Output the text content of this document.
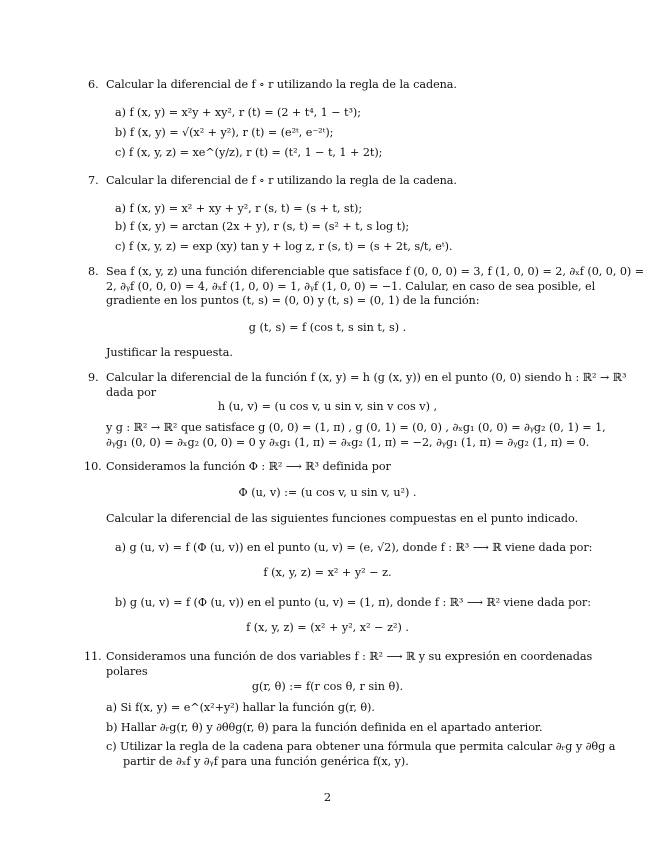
6. Calcular la diferencial de f ∘ r utilizando la regla de la cadena.
a) f (x, y) = x²y + xy², r (t) = (2 + t⁴, 1 − t³);
b) f (x, y) = √(x² + y²), r (t) = (e²ᵗ, e⁻²ᵗ);
c) f (x, y, z) = xe^(y/z), r (t) = (t², 1 − t, 1 + 2t);
7. Calcular la diferencial de f ∘ r utilizando la regla de la cadena.
a) f (x, y) = x² + xy + y², r (s, t) = (s + t, st);
b) f (x, y) = arctan (2x + y), r (s, t) = (s² + t, s log t);
c) f (x, y, z) = exp (xy) tan y + log z, r (s, t) = (s + 2t, s/t, eᵗ).
8. Sea f (x, y, z) una función diferenciable que satisface f (0, 0, 0) = 3, f (1, 0, 0) = 2, ∂ₓf (0, 0, 0) =
2, ∂ᵧf (0, 0, 0) = 4, ∂ₓf (1, 0, 0) = 1, ∂ᵧf (1, 0, 0) = −1. Calular, en caso de sea posible, el
gradiente en los puntos (t, s) = (0, 0) y (t, s) = (0, 1) de la función:
g (t, s) = f (cos t, s sin t, s) .
Justificar la respuesta.
9. Calcular la diferencial de la función f (x, y) = h (g (x, y)) en el punto (0, 0) siendo h : ℝ² → ℝ³
dada por
h (u, v) = (u cos v, u sin v, sin v cos v) ,
y g : ℝ² → ℝ² que satisface g (0, 0) = (1, π) , g (0, 1) = (0, 0) , ∂ₓg₁ (0, 0) = ∂ᵧg₂ (0, 1) = 1,
∂ᵧg₁ (0, 0) = ∂ₓg₂ (0, 0) = 0 y ∂ₓg₁ (1, π) = ∂ₓg₂ (1, π) = −2, ∂ᵧg₁ (1, π) = ∂ᵧg₂ (1, π) = 0.
10. Consideramos la función Φ : ℝ² ⟶ ℝ³ definida por
Φ (u, v) := (u cos v, u sin v, u²) .
Calcular la diferencial de las siguientes funciones compuestas en el punto indicado.
a) g (u, v) = f (Φ (u, v)) en el punto (u, v) = (e, √2), donde f : ℝ³ ⟶ ℝ viene dada por:
f (x, y, z) = x² + y² − z.
b) g (u, v) = f (Φ (u, v)) en el punto (u, v) = (1, π), donde f : ℝ³ ⟶ ℝ² viene dada por:
f (x, y, z) = (x² + y², x² − z²) .
11. Consideramos una función de dos variables f : ℝ² ⟶ ℝ y su expresión en coordenadas
polares
g(r, θ) := f(r cos θ, r sin θ).
a) Si f(x, y) = e^(x²+y²) hallar la función g(r, θ).
b) Hallar ∂ᵣg(r, θ) y ∂θθg(r, θ) para la función definida en el apartado anterior.
c) Utilizar la regla de la cadena para obtener una fórmula que permita calcular ∂ᵣg y ∂θg a
partir de ∂ₓf y ∂ᵧf para una función genérica f(x, y).
2
